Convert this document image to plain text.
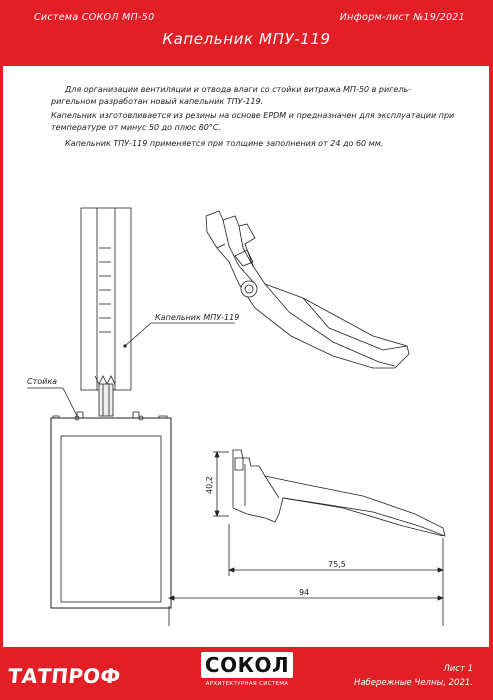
Система СОКОЛ МП-50	Информ-лист №19/2021
Капельник МПУ-119
Для организации вентиляции и отвода влаги со стойки витража МП-50 в ригель-ригельном разработан новый капельник ТПУ-119.
Капельник изготовливается из резины на основе EPDM и предназначен для эксплуатации при температуре от минус 50 до плюс 80°С.
Капельник ТПУ-119 применяется при толщине заполнения от 24 до 60 мм.
Капельник МПУ-119
Стойка
40,2
75,5
94
ТАТПРОФ	СОКОЛ
АРХИТЕКТУРНАЯ СИСТЕМА
Лист 1
Набережные Челны, 2021.
